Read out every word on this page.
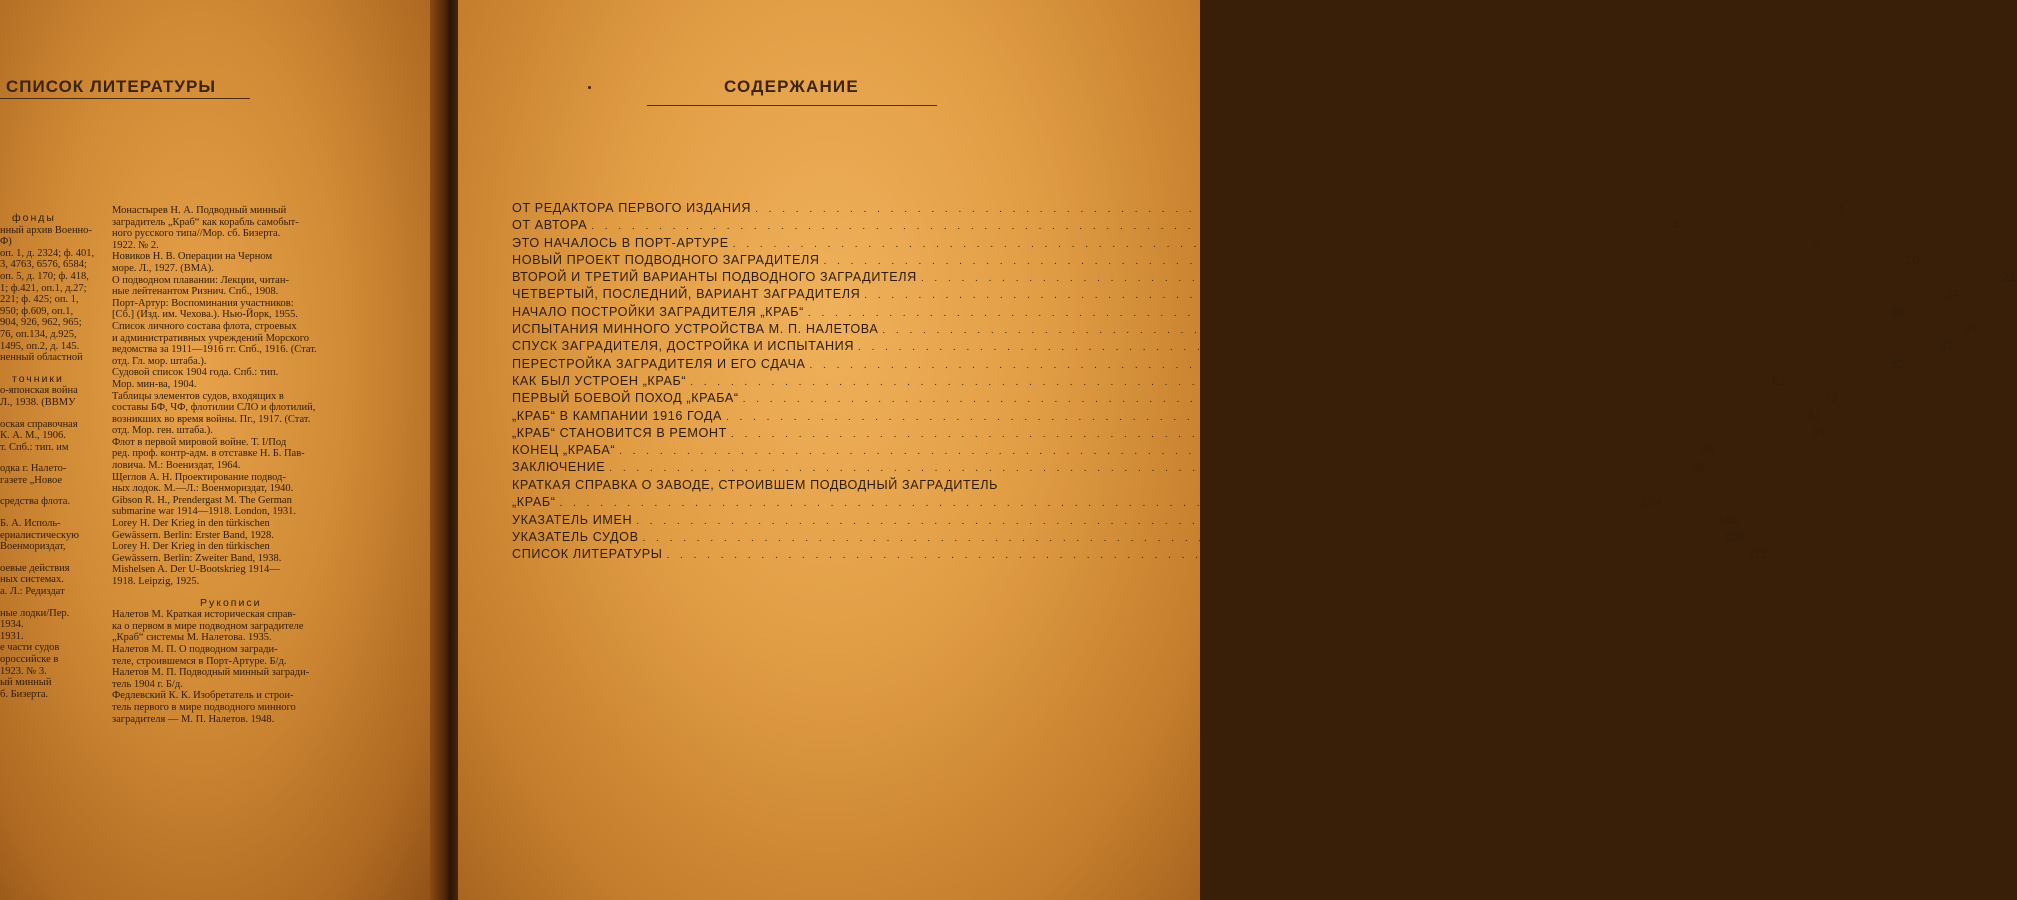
СПИСОК ЛИТЕРАТУРЫ
фонды
нный архив Военно-
Ф)
оп. 1, д. 2324; ф. 401,
3, 4763, 6576, 6584;
оп. 5, д. 170; ф. 418,
1; ф.421, оп.1, д.27;
221; ф. 425; оп. 1,
950; ф.609, оп.1,
904, 926, 962, 965;
76, оп.134, д.925,
1495, оп.2, д. 145.
ненный областной
точники
о-японская война
Л., 1938. (ВВМУ
оская справочная
К. А. М., 1906.
т. Спб.: тип. им
одка г. Налето-
газете „Новое
средства флота.
Б. А. Исполь-
ериалистическую
Военмориздат,
оевые действия
ных системах.
а. Л.: Редиздат
ные лодки/Пер.
1934.
1931.
е части судов
ороссийске в
1923. № 3.
ый минный
б. Бизерта.
Монастырев Н. А. Подводный минный
заградитель „Краб“ как корабль самобыт-
ного русского типа//Мор. сб. Бизерта.
1922. № 2.
Новиков Н. В. Операции на Черном
море. Л., 1927. (ВМА).
О подводном плавании: Лекции, читан-
ные лейтенантом Ризнич. Спб., 1908.
Порт-Артур: Воспоминания участников:
[Сб.] (Изд. им. Чехова.). Нью-Йорк, 1955.
Список личного состава флота, строевых
и административных учреждений Морского
ведомства за 1911—1916 гг. Спб., 1916. (Стат.
отд. Гл. мор. штаба.).
Судовой список 1904 года. Спб.: тип.
Мор. мин-ва, 1904.
Таблицы элементов судов, входящих в
составы БФ, ЧФ, флотилии СЛО и флотилий,
возникших во время войны. Пг., 1917. (Стат.
отд. Мор. ген. штаба.).
Флот в первой мировой войне. Т. I/Под
ред. проф. контр-адм. в отставке Н. Б. Пав-
ловича. М.: Воениздат, 1964.
Щеглов А. Н. Проектирование подвод-
ных лодок. М.—Л.: Военмориздат, 1940.
Gibson R. H., Prendergast M. The German
submarine war 1914—1918. London, 1931.
Lorey H. Der Krieg in den türkischen
Gewässern. Berlin: Erster Band, 1928.
Lorey H. Der Krieg in den türkischen
Gewässern. Berlin: Zweiter Band, 1938.
Mishelsen A. Der U-Bootskrieg 1914—
1918. Leipzig, 1925.
Рукописи
Налетов М. Краткая историческая справ-
ка о первом в мире подводном заградителе
„Краб“ системы М. Налетова. 1935.
Налетов М. П. О подводном загради-
теле, строившемся в Порт-Артуре. Б/д.
Налетов М. П. Подводный минный загради-
тель 1904 г. Б/д.
Федлевский К. К. Изобретатель и строи-
тель первого в мире подводного минного
заградителя — М. П. Налетов. 1948.
СОДЕРЖАНИЕ
ОТ РЕДАКТОРА ПЕРВОГО ИЗДАНИЯ . . . . . . . . . . . . . . . . . . . . . . . . . . . . . . . . . . . . . . . . . . . . . . . . . . . . . . . . . . . . . . . . . . . . . . . . . . . . . . . . 3
ОТ АВТОРА . . . . . . . . . . . . . . . . . . . . . . . . . . . . . . . . . . . . . . . . . . . . . . . . . . . . . . . . . . . . . . . . . . . . . . . . . . . . . . . . 4
ЭТО НАЧАЛОСЬ В ПОРТ-АРТУРЕ . . . . . . . . . . . . . . . . . . . . . . . . . . . . . . . . . . . . . . . . . . . . . . . . . . . . . . . . . . . . . . . . . . . . . . . . . . . . . . . . 5
НОВЫЙ ПРОЕКТ ПОДВОДНОГО ЗАГРАДИТЕЛЯ . . . . . . . . . . . . . . . . . . . . . . . . . . . . . . . . . . . . . . . . . . . . . . . . . . . . . . . . . . . . . . . . . . . . . . . . . . . . . . . . 10
ВТОРОЙ И ТРЕТИЙ ВАРИАНТЫ ПОДВОДНОГО ЗАГРАДИТЕЛЯ . . . . . . . . . . . . . . . . . . . . . . . . . . . . . . . . . . . . . . . . . . . . . . . . . . . . . . . . . . . . . . . . . . . . . . . . . . . . . . . . 21
ЧЕТВЕРТЫЙ, ПОСЛЕДНИЙ, ВАРИАНТ ЗАГРАДИТЕЛЯ . . . . . . . . . . . . . . . . . . . . . . . . . . . . . . . . . . . . . . . . . . . . . . . . . . . . . . . . . . . . . . . . . . . . . . . . . . . . . . . . 24
НАЧАЛО ПОСТРОЙКИ ЗАГРАДИТЕЛЯ „КРАБ“ . . . . . . . . . . . . . . . . . . . . . . . . . . . . . . . . . . . . . . . . . . . . . . . . . . . . . . . . . . . . . . . . . . . . . . . . . . . . . . . . 30
ИСПЫТАНИЯ МИННОГО УСТРОЙСТВА М. П. НАЛЕТОВА . . . . . . . . . . . . . . . . . . . . . . . . . . . . . . . . . . . . . . . . . . . . . . . . . . . . . . . . . . . . . . . . . . . . . . . . . . . . . . . . 37
СПУСК ЗАГРАДИТЕЛЯ, ДОСТРОЙКА И ИСПЫТАНИЯ . . . . . . . . . . . . . . . . . . . . . . . . . . . . . . . . . . . . . . . . . . . . . . . . . . . . . . . . . . . . . . . . . . . . . . . . . . . . . . . . 41
ПЕРЕСТРОЙКА ЗАГРАДИТЕЛЯ И ЕГО СДАЧА . . . . . . . . . . . . . . . . . . . . . . . . . . . . . . . . . . . . . . . . . . . . . . . . . . . . . . . . . . . . . . . . . . . . . . . . . . . . . . . . 52
КАК БЫЛ УСТРОЕН „КРАБ“ . . . . . . . . . . . . . . . . . . . . . . . . . . . . . . . . . . . . . . . . . . . . . . . . . . . . . . . . . . . . . . . . . . . . . . . . . . . . . . . . 62
ПЕРВЫЙ БОЕВОЙ ПОХОД „КРАБА“ . . . . . . . . . . . . . . . . . . . . . . . . . . . . . . . . . . . . . . . . . . . . . . . . . . . . . . . . . . . . . . . . . . . . . . . . . . . . . . . . 72
„КРАБ“ В КАМПАНИИ 1916 ГОДА . . . . . . . . . . . . . . . . . . . . . . . . . . . . . . . . . . . . . . . . . . . . . . . . . . . . . . . . . . . . . . . . . . . . . . . . . . . . . . . . 81
„КРАБ“ СТАНОВИТСЯ В РЕМОНТ . . . . . . . . . . . . . . . . . . . . . . . . . . . . . . . . . . . . . . . . . . . . . . . . . . . . . . . . . . . . . . . . . . . . . . . . . . . . . . . . 91
КОНЕЦ „КРАБА“ . . . . . . . . . . . . . . . . . . . . . . . . . . . . . . . . . . . . . . . . . . . . . . . . . . . . . . . . . . . . . . . . . . . . . . . . . . . . . . . . 95
ЗАКЛЮЧЕНИЕ . . . . . . . . . . . . . . . . . . . . . . . . . . . . . . . . . . . . . . . . . . . . . . . . . . . . . . . . . . . . . . . . . . . . . . . . . . . . . . . . 99
КРАТКАЯ СПРАВКА О ЗАВОДЕ, СТРОИВШЕМ ПОДВОДНЫЙ ЗАГРАДИТЕЛЬ
„КРАБ“ . . . . . . . . . . . . . . . . . . . . . . . . . . . . . . . . . . . . . . . . . . . . . . . . . . . . . . . . . . . . . . . . . . . . . . . . . . . . . . . . 104
УКАЗАТЕЛЬ ИМЕН . . . . . . . . . . . . . . . . . . . . . . . . . . . . . . . . . . . . . . . . . . . . . . . . . . . . . . . . . . . . . . . . . . . . . . . . . . . . . . . . 105
УКАЗАТЕЛЬ СУДОВ . . . . . . . . . . . . . . . . . . . . . . . . . . . . . . . . . . . . . . . . . . . . . . . . . . . . . . . . . . . . . . . . . . . . . . . . . . . . . . . . 109
СПИСОК ЛИТЕРАТУРЫ . . . . . . . . . . . . . . . . . . . . . . . . . . . . . . . . . . . . . . . . . . . . . . . . . . . . . . . . . . . . . . . . . . . . . . . . . . . . . . . . 112
